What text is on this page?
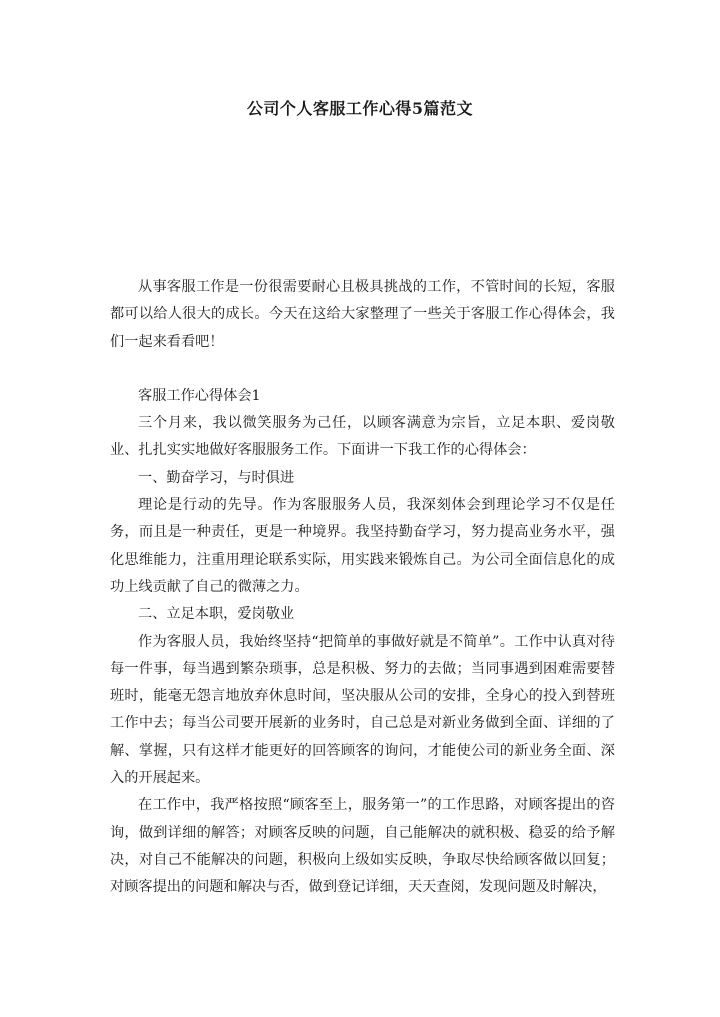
公司个人客服工作心得5篇范文

从事客服工作是一份很需要耐心且极具挑战的工作，不管时间的长短，客服都可以给人很大的成长。今天在这给大家整理了一些关于客服工作心得体会，我们一起来看看吧！

客服工作心得体会1

三个月来，我以微笑服务为己任，以顾客满意为宗旨，立足本职、爱岗敬业、扎扎实实地做好客服服务工作。下面讲一下我工作的心得体会：

一、勤奋学习，与时俱进

理论是行动的先导。作为客服服务人员，我深刻体会到理论学习不仅是任务，而且是一种责任，更是一种境界。我坚持勤奋学习，努力提高业务水平，强化思维能力，注重用理论联系实际，用实践来锻炼自己。为公司全面信息化的成功上线贡献了自己的微薄之力。

二、立足本职，爱岗敬业

作为客服人员，我始终坚持“把简单的事做好就是不简单”。工作中认真对待每一件事，每当遇到繁杂琐事，总是积极、努力的去做；当同事遇到困难需要替班时，能毫无怨言地放弃休息时间，坚决服从公司的安排，全身心的投入到替班工作中去；每当公司要开展新的业务时，自己总是对新业务做到全面、详细的了解、掌握，只有这样才能更好的回答顾客的询问，才能使公司的新业务全面、深入的开展起来。

在工作中，我严格按照“顾客至上，服务第一”的工作思路，对顾客提出的咨询，做到详细的解答；对顾客反映的问题，自己能解决的就积极、稳妥的给予解决，对自己不能解决的问题，积极向上级如实反映，争取尽快给顾客做以回复；对顾客提出的问题和解决与否，做到登记详细，天天查阅，发现问题及时解决，
